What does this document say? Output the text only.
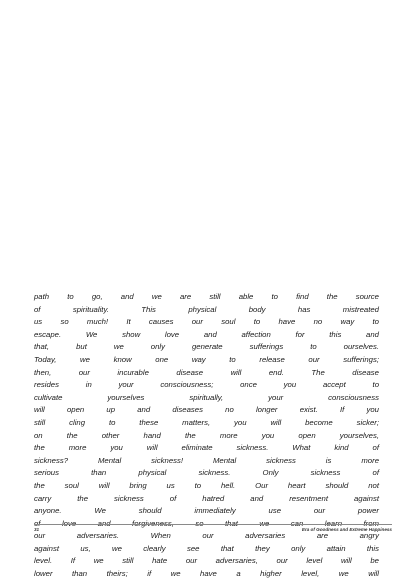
path to go, and we are still able to find the source
of spirituality. This physical body has mistreated
us so much! It causes our soul to have no way to
escape. We show love and affection for this and
that, but we only generate sufferings to ourselves.
Today, we know one way to release our sufferings;
then, our incurable disease will end. The disease
resides in your consciousness; once you accept to
cultivate yourselves spiritually, your consciousness
will open up and diseases no longer exist. If you
still cling to these matters, you will become sicker;
on the other hand the more you open yourselves,
the more you will eliminate sickness. What kind of
sickness? Mental sickness! Mental sickness is more
serious than physical sickness. Only sickness of
the soul will bring us to hell. Our heart should not
carry the sickness of hatred and resentment against
anyone. We should immediately use our power
of love and forgiveness, so that we can learn from
our adversaries. When our adversaries are angry
against us, we clearly see that they only attain this
level. If we still hate our adversaries, our level will be
lower than theirs; if we have a higher level, we will
31	Era of Goodness and Extreme Happiness
